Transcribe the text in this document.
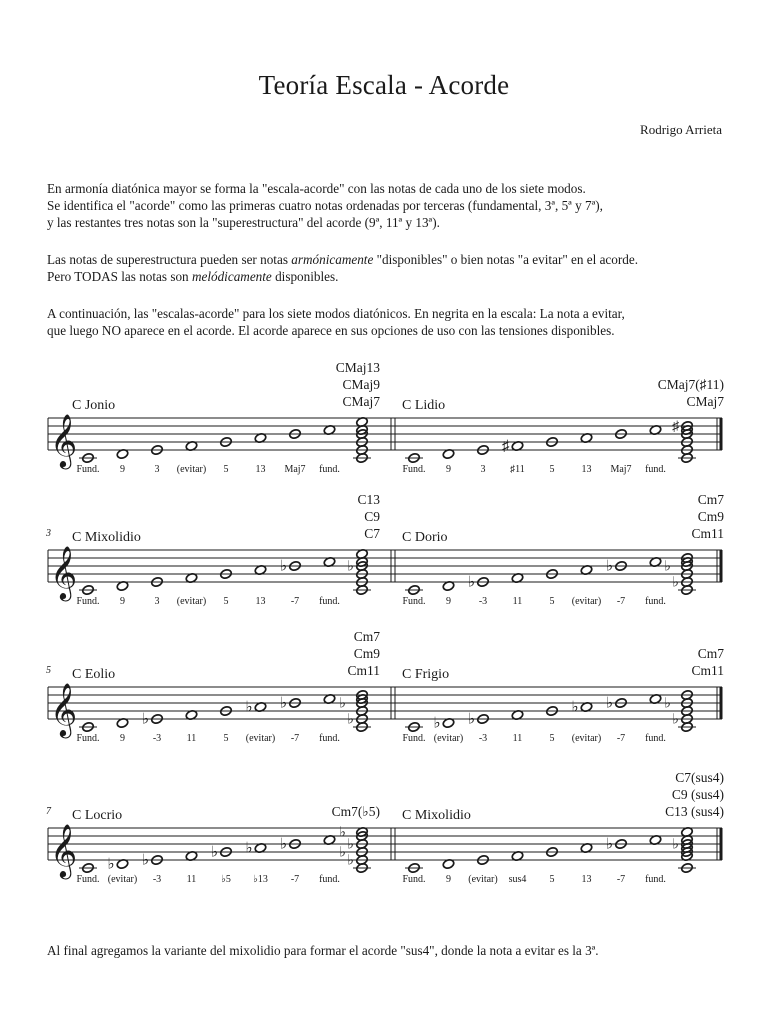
Teoría Escala - Acorde
Rodrigo Arrieta

En armonía diatónica mayor se forma la "escala-acorde" con las notas de cada uno de los siete modos.
Se identifica el "acorde" como las primeras cuatro notas ordenadas por terceras (fundamental, 3ª, 5ª y 7ª),
y las restantes tres notas son la "superestructura" del acorde (9ª, 11ª y 13ª).

Las notas de superestructura pueden ser notas armónicamente "disponibles" o bien notas "a evitar" en el acorde.
Pero TODAS las notas son melódicamente disponibles.

A continuación, las "escalas-acorde" para los siete modos diatónicos. En negrita en la escala: La nota a evitar,
que luego NO aparece en el acorde. El acorde aparece en sus opciones de uso con las tensiones disponibles.

𝄞
C Jonio
CMaj13
CMaj9
CMaj7
Fund. 9	3 (evitar) 5	13 Maj7 fund.
C Lidio
CMaj7(♯11)
CMaj7
♯
Fund. 9	3 ♯11 5	13 Maj7 fund.
♯
𝄞
3 C Mixolidio
C13
C9
C7
♭
Fund. 9	3 (evitar) 5	13	-7 fund.
♭
C Dorio
Cm7
Cm9
Cm11
♭
♭
Fund. 9	-3	11	5 (evitar) -7 fund.
♭
♭
𝄞
5 C Eolio
Cm7
Cm9
Cm11
♭
♭ ♭
Fund. 9	-3	11	5 (evitar) -7 fund.
♭
♭
C Frigio
Cm7
Cm11
♭ ♭
♭ ♭
Fund. (evitar) -3	11	5 (evitar) -7 fund.
♭
♭
𝄞
7 C Locrio	Cm7(♭5)
♭ ♭	♭ ♭ ♭
Fund. (evitar) -3	11 ♭5 ♭13 -7 fund.
♭
♭
♭
♭
C Mixolidio
C7(sus4)
C9 (sus4)
C13 (sus4)
♭
Fund. 9 (evitar) sus4 5	13	-7 fund.
♭

Al final agregamos la variante del mixolidio para formar el acorde "sus4", donde la nota a evitar es la 3ª.
